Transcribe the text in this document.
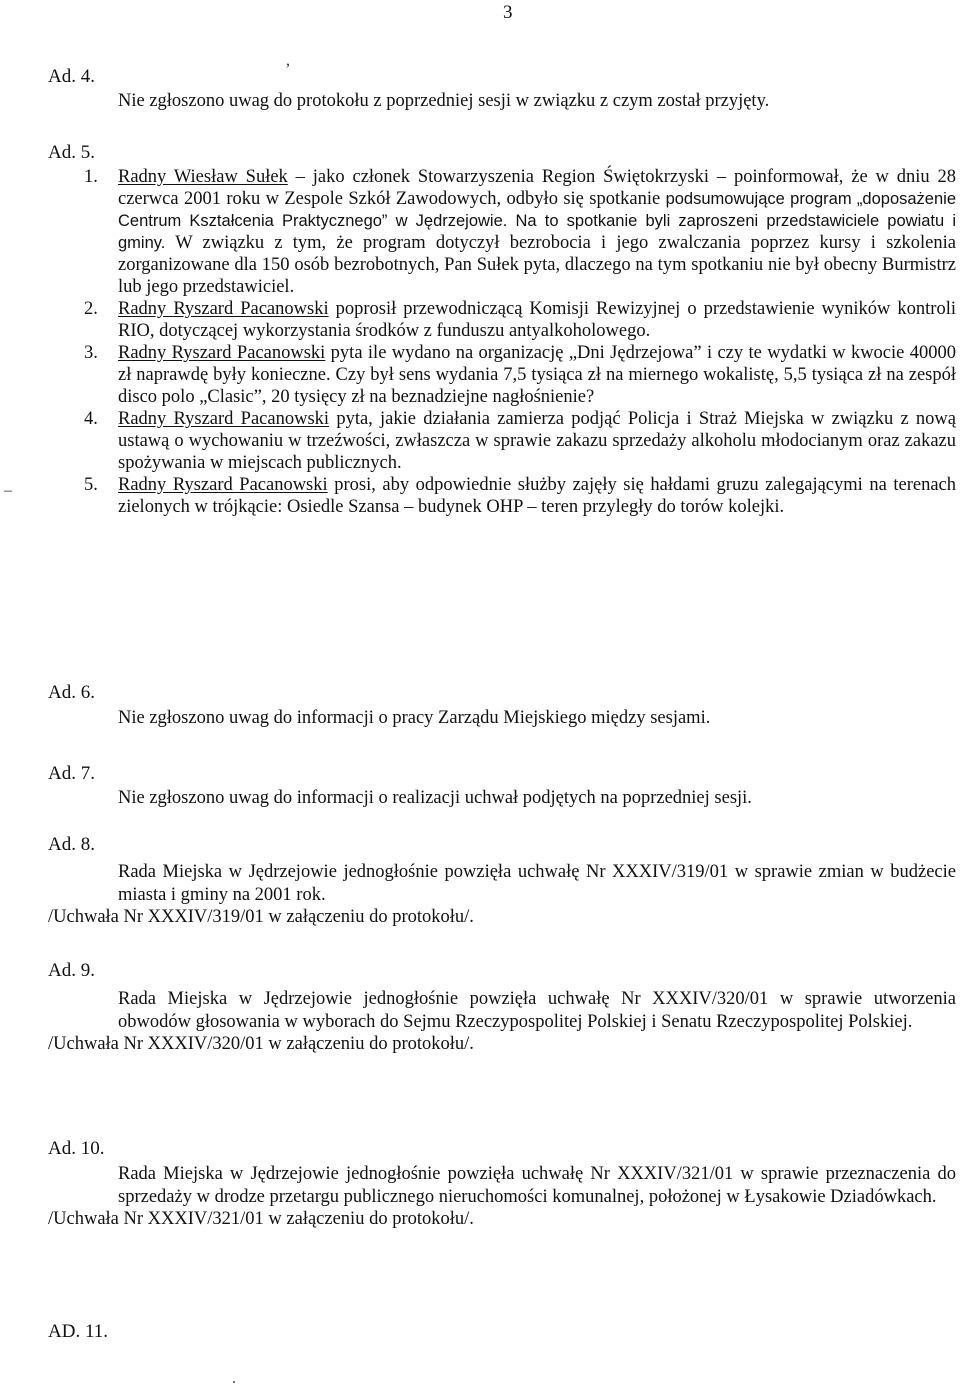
3
Ad. 4.
Nie zgłoszono uwag do protokołu z poprzedniej sesji w związku z czym został przyjęty.
Ad. 5.
1. Radny Wiesław Sułek – jako członek Stowarzyszenia Region Świętokrzyski – poinformował, że w dniu 28 czerwca 2001 roku w Zespole Szkół Zawodowych, odbyło się spotkanie podsumowujące program „doposażenie Centrum Kształcenia Praktycznego” w Jędrzejowie. Na to spotkanie byli zaproszeni przedstawiciele powiatu i gminy. W związku z tym, że program dotyczył bezrobocia i jego zwalczania poprzez kursy i szkolenia zorganizowane dla 150 osób bezrobotnych, Pan Sułek pyta, dlaczego na tym spotkaniu nie był obecny Burmistrz lub jego przedstawiciel.
2. Radny Ryszard Pacanowski poprosił przewodniczącą Komisji Rewizyjnej o przedstawienie wyników kontroli RIO, dotyczącej wykorzystania środków z funduszu antyalkoholowego.
3. Radny Ryszard Pacanowski pyta ile wydano na organizację „Dni Jędrzejowa” i czy te wydatki w kwocie 40000 zł naprawdę były konieczne. Czy był sens wydania 7,5 tysiąca zł na miernego wokalistę, 5,5 tysiąca zł na zespół disco polo „Clasic”, 20 tysięcy zł na beznadziejne nagłośnienie?
4. Radny Ryszard Pacanowski pyta, jakie działania zamierza podjąć Policja i Straż Miejska w związku z nową ustawą o wychowaniu w trzeźwości, zwłaszcza w sprawie zakazu sprzedaży alkoholu młodocianym oraz zakazu spożywania w miejscach publicznych.
5. Radny Ryszard Pacanowski prosi, aby odpowiednie służby zajęły się hałdami gruzu zalegającymi na terenach zielonych w trójkącie: Osiedle Szansa – budynek OHP – teren przyległy do torów kolejki.
Ad. 6.
Nie zgłoszono uwag do informacji o pracy Zarządu Miejskiego między sesjami.
Ad. 7.
Nie zgłoszono uwag do informacji o realizacji uchwał podjętych na poprzedniej sesji.
Ad. 8.
Rada Miejska w Jędrzejowie jednogłośnie powzięła uchwałę Nr XXXIV/319/01 w sprawie zmian w budżecie miasta i gminy na 2001 rok.
/Uchwała Nr XXXIV/319/01 w załączeniu do protokołu/.
Ad. 9.
Rada Miejska w Jędrzejowie jednogłośnie powzięła uchwałę Nr XXXIV/320/01 w sprawie utworzenia obwodów głosowania w wyborach do Sejmu Rzeczypospolitej Polskiej i Senatu Rzeczypospolitej Polskiej.
/Uchwała Nr XXXIV/320/01 w załączeniu do protokołu/.
Ad. 10.
Rada Miejska w Jędrzejowie jednogłośnie powzięła uchwałę Nr XXXIV/321/01 w sprawie przeznaczenia do sprzedaży w drodze przetargu publicznego nieruchomości komunalnej, położonej w Łysakowie Dziadówkach.
/Uchwała Nr XXXIV/321/01 w załączeniu do protokołu/.
AD. 11.
,
–
.
